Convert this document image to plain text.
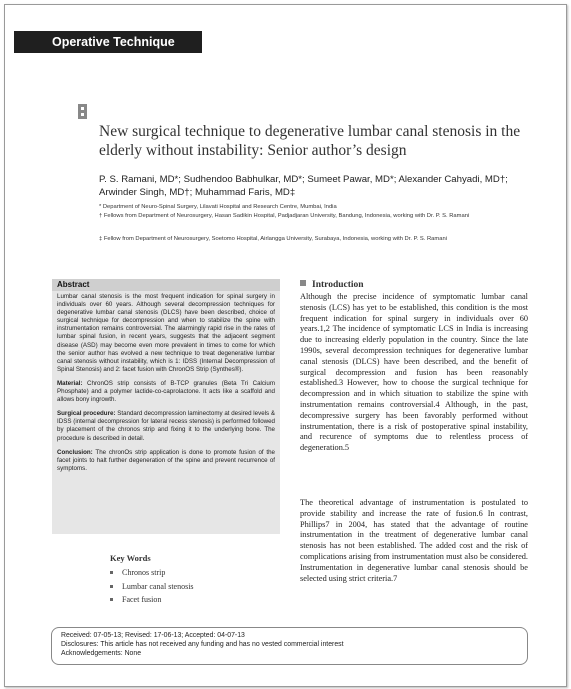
Operative Technique
New surgical technique to degenerative lumbar canal stenosis in the elderly without instability: Senior author’s design
P. S. Ramani, MD*; Sudhendoo Babhulkar, MD*; Sumeet Pawar, MD*; Alexander Cahyadi, MD†;
Arwinder Singh, MD†; Muhammad Faris, MD‡
* Department of Neuro-Spinal Surgery, Lilavati Hospital and Research Centre, Mumbai, India
† Fellows from Department of Neurosurgery, Hasan Sadikin Hospital, Padjadjaran University, Bandung, Indonesia, working with Dr. P. S. Ramani
‡ Fellow from Department of Neurosurgery, Soetomo Hospital, Airlangga University, Surabaya, Indonesia, working with Dr. P. S. Ramani
Abstract

Lumbar canal stenosis is the most frequent indication for spinal surgery in individuals over 60 years. Although several decompression techniques for degenerative lumbar canal stenosis (DLCS) have been described, choice of surgical technique for decompression and when to stabilize the spine with instrumentation remains controversial. The alarmingly rapid rise in the rates of lumbar spinal fusion, in recent years, suggests that the adjacent segment disease (ASD) may become even more prevalent in times to come for which the senior author has evolved a new technique to treat degenerative lumbar canal stenosis without instability, which is 1: IDSS (Internal Decompression of Spinal Stenosis) and 2: facet fusion with ChronOS Strip (Synthes®).

Material: ChronOS strip consists of B-TCP granules (Beta Tri Calcium Phosphate) and a polymer lactide-co-caprolactone. It acts like a scaffold and allows bony ingrowth.

Surgical procedure: Standard decompression laminectomy at desired levels & IDSS (internal decompression for lateral recess stenosis) is performed followed by placement of the chronos strip and fixing it to the underlying bone. The procedure is described in detail.

Conclusion: The chronOs strip application is done to promote fusion of the facet joints to halt further degeneration of the spine and prevent recurrence of symptoms.

Key Words
Chronos strip
Lumbar canal stenosis
Facet fusion
Introduction

Although the precise incidence of symptomatic lumbar canal stenosis (LCS) has yet to be established, this condition is the most frequent indication for spinal surgery in individuals over 60 years.1,2 The incidence of symptomatic LCS in India is increasing due to increasing elderly population in the country. Since the late 1990s, several decompression techniques for degenerative lumbar canal stenosis (DLCS) have been described, and the benefit of surgical decompression and fusion has been reasonably established.3 However, how to choose the surgical technique for decompression and in which situation to stabilize the spine with instrumentation remains controversial.4 Although, in the past, decompressive surgery has been favorably performed without instrumentation, there is a risk of postoperative spinal instability, and recurence of symptoms due to relentless process of degeneration.5

The theoretical advantage of instrumentation is postulated to provide stability and increase the rate of fusion.6 In contrast, Phillips7 in 2004, has stated that the advantage of routine instrumentation in the treatment of degenerative lumbar canal stenosis has not been established. The added cost and the risk of complications arising from instrumentation must also be considered. Instrumentation in degenerative lumbar canal stenosis should be selected using strict criteria.7

Received: 07-05-13; Revised: 17-06-13; Accepted: 04-07-13
Disclosures: This article has not received any funding and has no vested commercial interest
Acknowledgements: None
